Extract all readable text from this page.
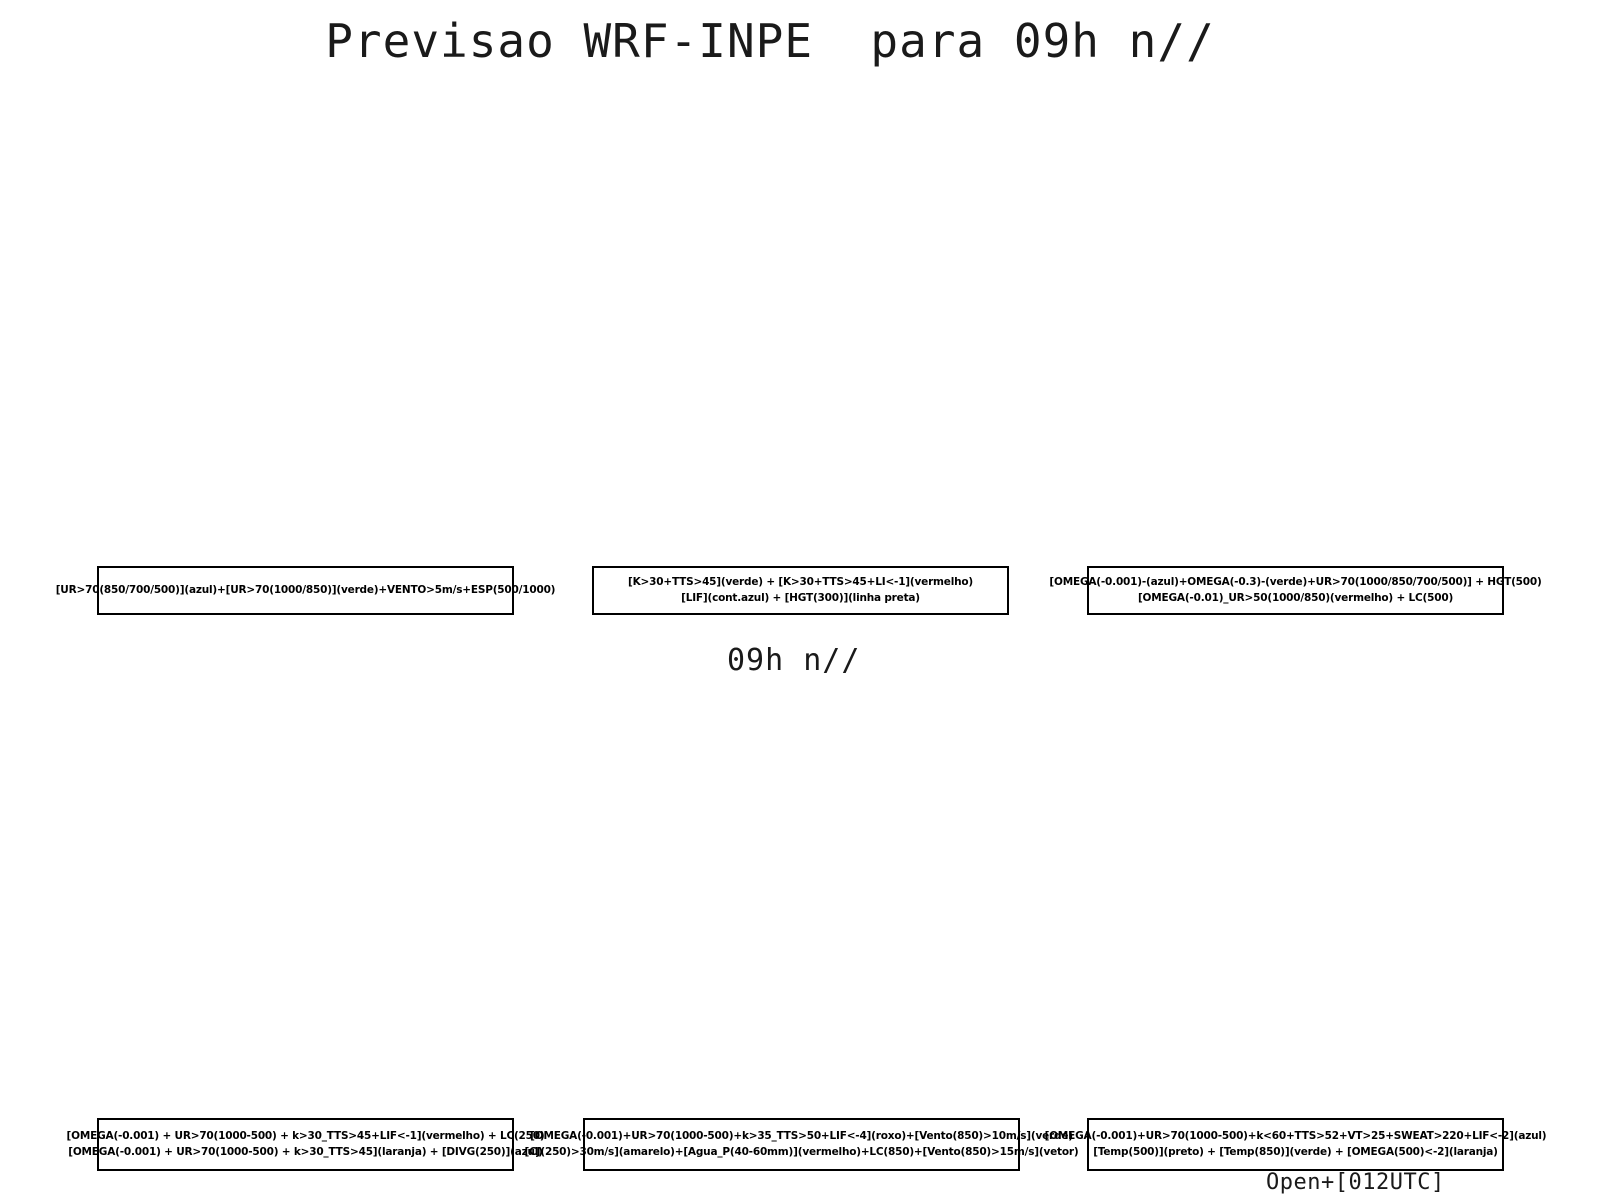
Previsao WRF-INPE  para 09h n//
[UR>70(850/700/500)](azul)+[UR>70(1000/850)](verde)+VENTO>5m/s+ESP(500/1000)
[K>30+TTS>45](verde) + [K>30+TTS>45+LI<-1](vermelho)
[LIF](cont.azul) + [HGT(300)](linha preta)
[OMEGA(-0.001)-(azul)+OMEGA(-0.3)-(verde)+UR>70(1000/850/700/500)] + HGT(500)
[OMEGA(-0.01)_UR>50(1000/850)(vermelho) + LC(500)
09h n//
[OMEGA(-0.001) + UR>70(1000-500) + k>30_TTS>45+LIF<-1](vermelho) + LC(250)
[OMEGA(-0.001) + UR>70(1000-500) + k>30_TTS>45](laranja) + [DIVG(250)](azul)
[OMEGA(-0.001)+UR>70(1000-500)+k>35_TTS>50+LIF<-4](roxo)+[Vento(850)>10m/s](verde)
[CJ(250)>30m/s](amarelo)+[Agua_P(40-60mm)](vermelho)+LC(850)+[Vento(850)>15m/s](vetor)
[OMEGA(-0.001)+UR>70(1000-500)+k<60+TTS>52+VT>25+SWEAT>220+LIF<-2](azul)
[Temp(500)](preto) + [Temp(850)](verde) + [OMEGA(500)<-2](laranja)
Open+[012UTC]
